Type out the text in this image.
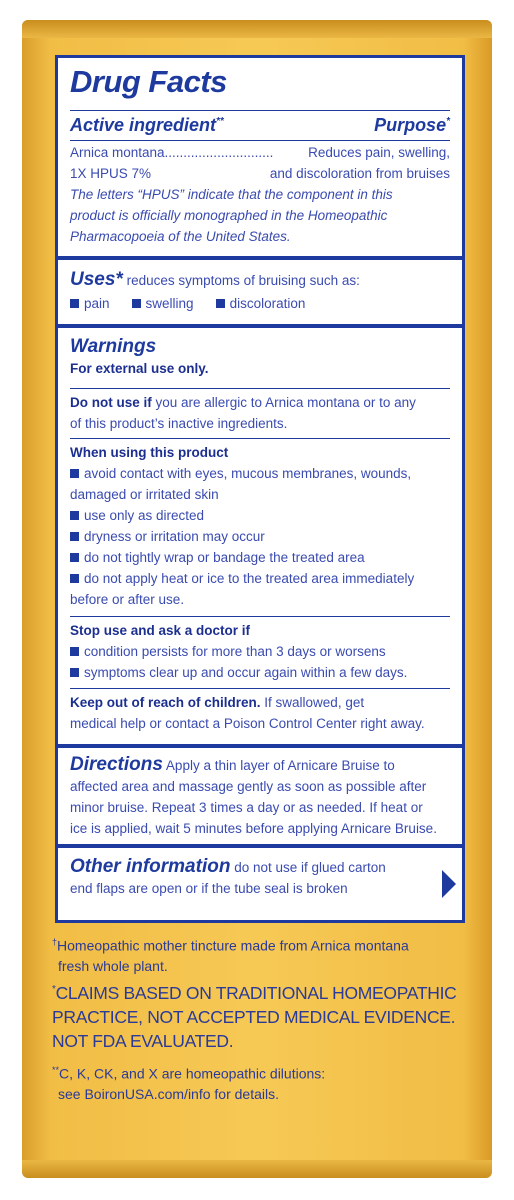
Drug Facts
Active ingredient**	Purpose*
Arnica montana.............................	Reduces pain, swelling,
1X HPUS 7%	and discoloration from bruises
The letters “HPUS” indicate that the component in this
product is officially monographed in the Homeopathic
Pharmacopoeia of the United States.
Uses* reduces symptoms of bruising such as:
pain	swelling	discoloration
Warnings
For external use only.
Do not use if you are allergic to Arnica montana or to any
of this product’s inactive ingredients.
When using this product
avoid contact with eyes, mucous membranes, wounds,
damaged or irritated skin
use only as directed
dryness or irritation may occur
do not tightly wrap or bandage the treated area
do not apply heat or ice to the treated area immediately
before or after use.
Stop use and ask a doctor if
condition persists for more than 3 days or worsens
symptoms clear up and occur again within a few days.
Keep out of reach of children. If swallowed, get
medical help or contact a Poison Control Center right away.
Directions Apply a thin layer of Arnicare Bruise to
affected area and massage gently as soon as possible after
minor bruise. Repeat 3 times a day or as needed. If heat or
ice is applied, wait 5 minutes before applying Arnicare Bruise.
Other information do not use if glued carton
end flaps are open or if the tube seal is broken
†Homeopathic mother tincture made from Arnica montana
fresh whole plant.
*CLAIMS BASED ON TRADITIONAL HOMEOPATHIC
PRACTICE, NOT ACCEPTED MEDICAL EVIDENCE.
NOT FDA EVALUATED.
**C, K, CK, and X are homeopathic dilutions:
see BoironUSA.com/info for details.
